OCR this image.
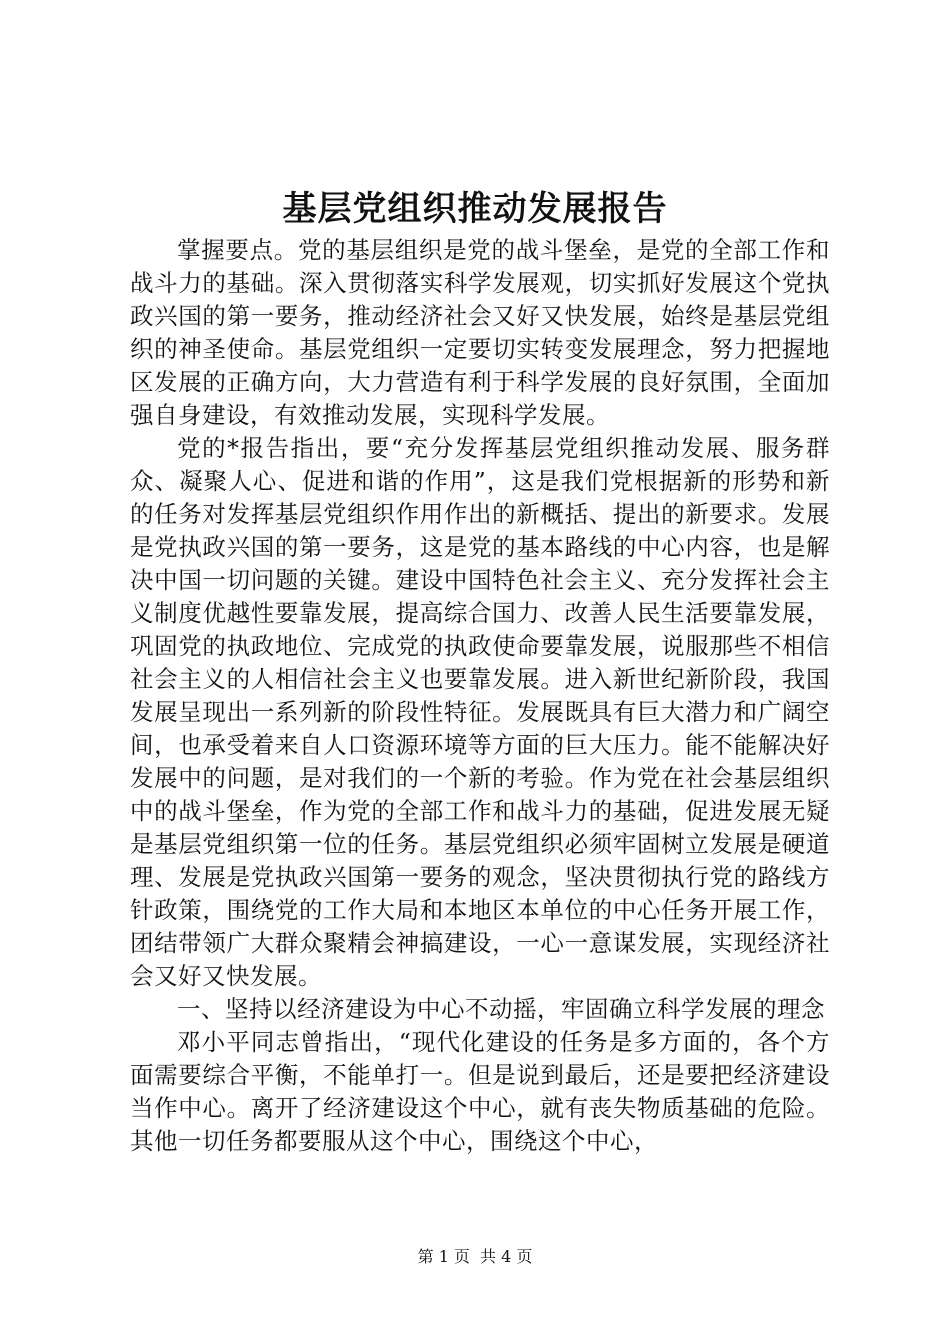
基层党组织推动发展报告

掌握要点。党的基层组织是党的战斗堡垒，是党的全部工作和战斗力的基础。深入贯彻落实科学发展观，切实抓好发展这个党执政兴国的第一要务，推动经济社会又好又快发展，始终是基层党组织的神圣使命。基层党组织一定要切实转变发展理念，努力把握地区发展的正确方向，大力营造有利于科学发展的良好氛围，全面加强自身建设，有效推动发展，实现科学发展。

党的*报告指出，要“充分发挥基层党组织推动发展、服务群众、凝聚人心、促进和谐的作用”，这是我们党根据新的形势和新的任务对发挥基层党组织作用作出的新概括、提出的新要求。发展是党执政兴国的第一要务，这是党的基本路线的中心内容，也是解决中国一切问题的关键。建设中国特色社会主义、充分发挥社会主义制度优越性要靠发展，提高综合国力、改善人民生活要靠发展，巩固党的执政地位、完成党的执政使命要靠发展，说服那些不相信社会主义的人相信社会主义也要靠发展。进入新世纪新阶段，我国发展呈现出一系列新的阶段性特征。发展既具有巨大潜力和广阔空间，也承受着来自人口资源环境等方面的巨大压力。能不能解决好发展中的问题，是对我们的一个新的考验。作为党在社会基层组织中的战斗堡垒，作为党的全部工作和战斗力的基础，促进发展无疑是基层党组织第一位的任务。基层党组织必须牢固树立发展是硬道理、发展是党执政兴国第一要务的观念，坚决贯彻执行党的路线方针政策，围绕党的工作大局和本地区本单位的中心任务开展工作，团结带领广大群众聚精会神搞建设，一心一意谋发展，实现经济社会又好又快发展。

一、坚持以经济建设为中心不动摇，牢固确立科学发展的理念

邓小平同志曾指出，“现代化建设的任务是多方面的，各个方面需要综合平衡，不能单打一。但是说到最后，还是要把经济建设当作中心。离开了经济建设这个中心，就有丧失物质基础的危险。其他一切任务都要服从这个中心，围绕这个中心，

第 1 页 共 4 页
